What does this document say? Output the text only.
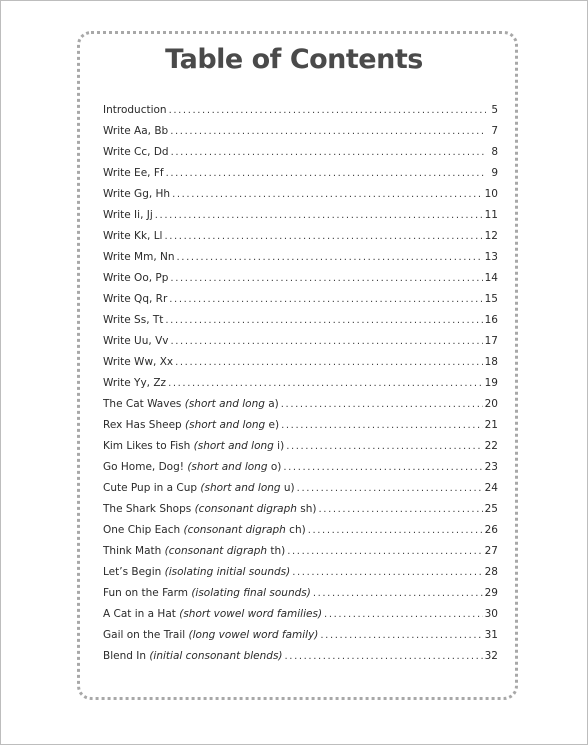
Table of Contents
Introduction .....	5
Write Aa, Bb .....	7
Write Cc, Dd .....	8
Write Ee, Ff .....	9
Write Gg, Hh .....	10
Write Ii, Jj .....	11
Write Kk, Ll .....	12
Write Mm, Nn .....	13
Write Oo, Pp .....	14
Write Qq, Rr .....	15
Write Ss, Tt .....	16
Write Uu, Vv .....	17
Write Ww, Xx .....	18
Write Yy, Zz .....	19
The Cat Waves (short and long a) .....	20
Rex Has Sheep (short and long e) .....	21
Kim Likes to Fish (short and long i) .....	22
Go Home, Dog! (short and long o) .....	23
Cute Pup in a Cup (short and long u) .....	24
The Shark Shops (consonant digraph sh) .....	25
One Chip Each (consonant digraph ch) .....	26
Think Math (consonant digraph th) .....	27
Let’s Begin (isolating initial sounds) .....	28
Fun on the Farm (isolating final sounds) .....	29
A Cat in a Hat (short vowel word families) .....	30
Gail on the Trail (long vowel word family) .....	31
Blend In (initial consonant blends) .....	32
